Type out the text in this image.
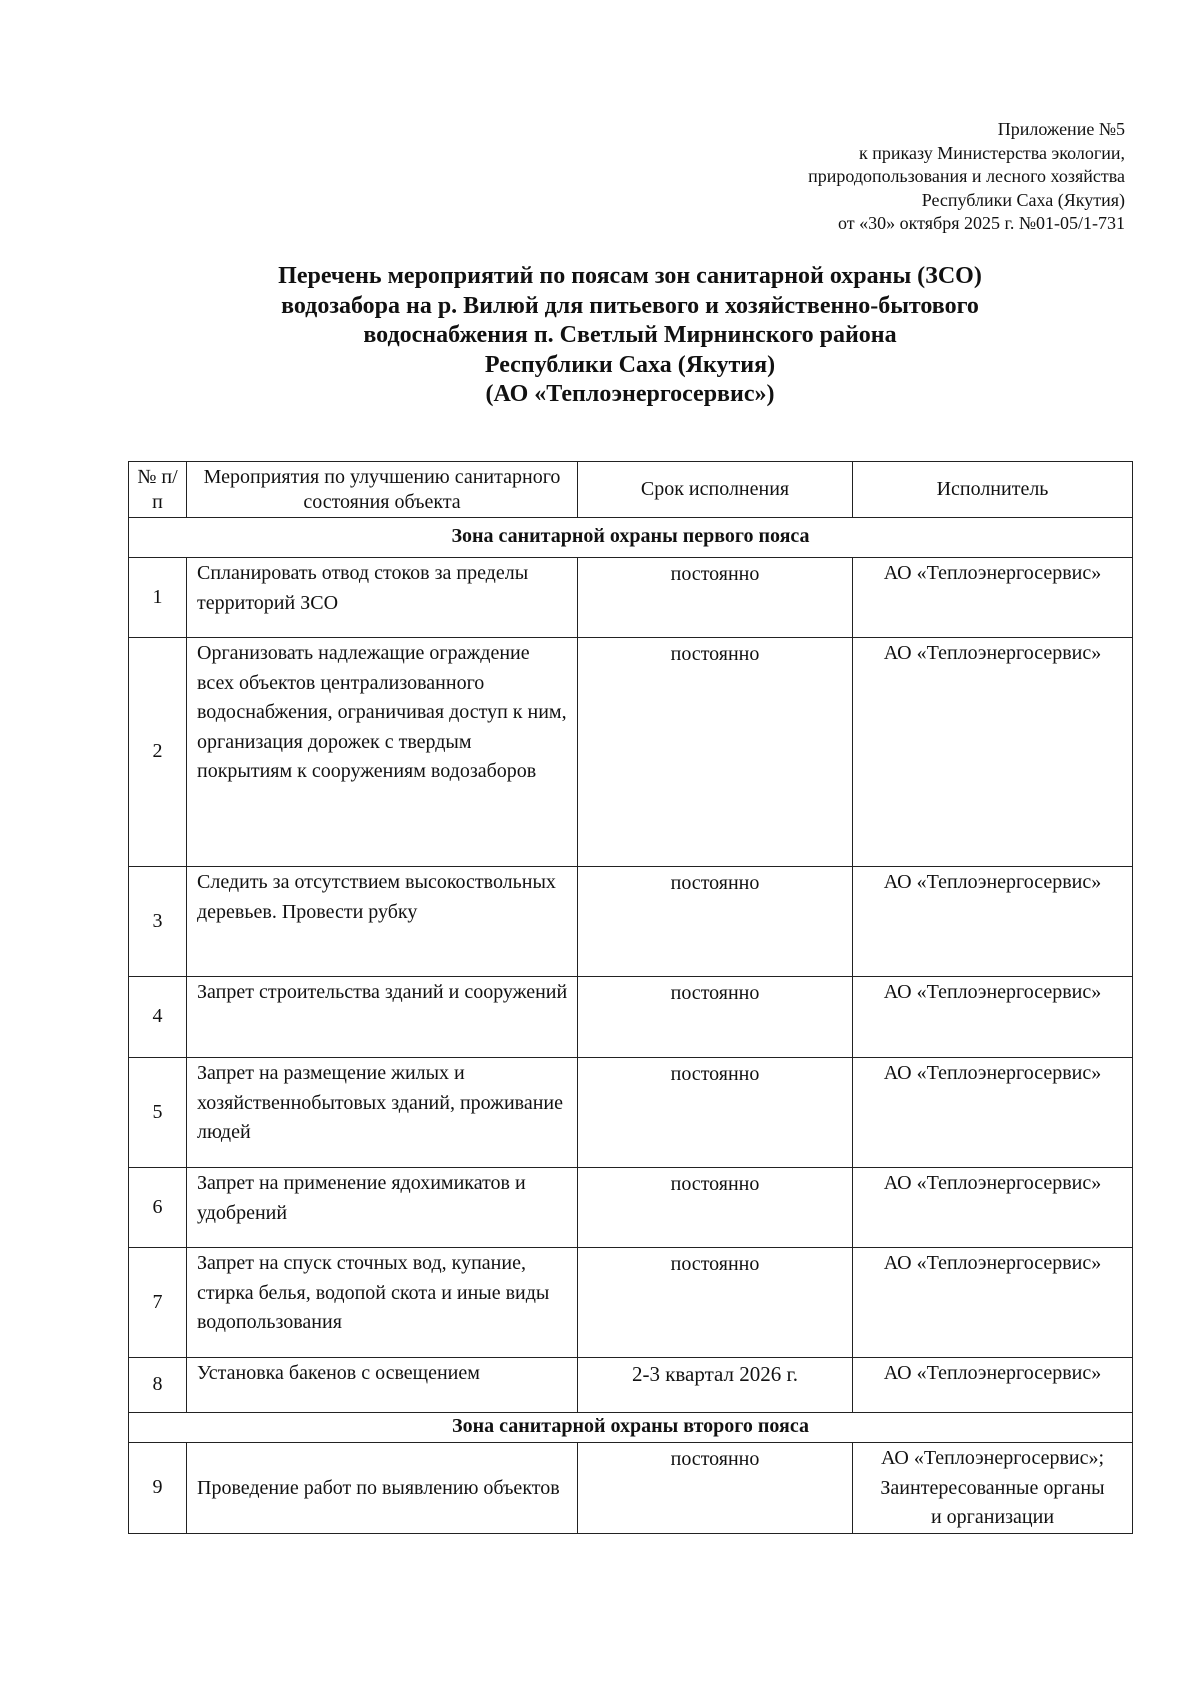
Приложение №5
к приказу Министерства экологии,
природопользования и лесного хозяйства
Республики Саха (Якутия)
от «30» октября 2025 г. №01-05/1-731
Перечень мероприятий по поясам зон санитарной охраны (ЗСО)
водозабора на р. Вилюй для питьевого и хозяйственно-бытового
водоснабжения п. Светлый Мирнинского района
Республики Саха (Якутия)
(АО «Теплоэнергосервис»)
№ п/п	Мероприятия по улучшению санитарного состояния объекта	Срок исполнения	Исполнитель
Зона санитарной охраны первого пояса			
1	Спланировать отвод стоков за пределы территорий ЗСО	постоянно	АО «Теплоэнергосервис»

2	Организовать надлежащие ограждение всех объектов централизованного водоснабжения, ограничивая доступ к ним, организация дорожек с твердым покрытиям к сооружениям водозаборов	постоянно	АО «Теплоэнергосервис»

3	Следить за отсутствием высокоствольных деревьев. Провести рубку	постоянно	АО «Теплоэнергосервис»

4	Запрет строительства зданий и сооружений	постоянно	АО «Теплоэнергосервис»

5	Запрет на размещение жилых и хозяйственнобытовых зданий, проживание людей	постоянно	АО «Теплоэнергосервис»

6	Запрет на применение ядохимикатов и удобрений	постоянно	АО «Теплоэнергосервис»

7	Запрет на спуск сточных вод, купание, стирка белья, водопой скота и иные виды водопользования	постоянно	АО «Теплоэнергосервис»

8	Установка бакенов с освещением	2-3 квартал 2026 г.	АО «Теплоэнергосервис»

Зона санитарной охраны второго пояса			
9	Проведение работ по выявлению объектов	постоянно	АО «Теплоэнергосервис»;
Заинтересованные органы
и организации
